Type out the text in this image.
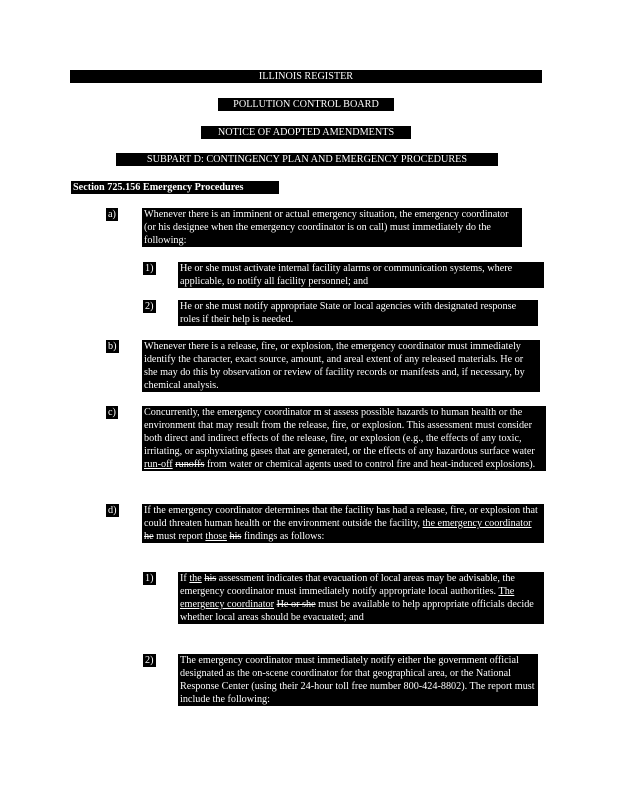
ILLINOIS REGISTER
POLLUTION CONTROL BOARD
NOTICE OF ADOPTED AMENDMENTS
SUBPART D: CONTINGENCY PLAN AND EMERGENCY PROCEDURES
Section 725.156 Emergency Procedures
a)	Whenever there is an imminent or actual emergency situation, the emergency coordinator (or his designee when the emergency coordinator is on call) must immediately do the following:
1)	He or she must activate internal facility alarms or communication systems, where applicable, to notify all facility personnel; and
2)	He or she must notify appropriate State or local agencies with designated response roles if their help is needed.
b)	Whenever there is a release, fire, or explosion, the emergency coordinator must immediately identify the character, exact source, amount, and areal extent of any released materials. He or she may do this by observation or review of facility records or manifests and, if necessary, by chemical analysis.
c)	Concurrently, the emergency coordinator m st assess possible hazards to human health or the environment that may result from the release, fire, or explosion. This assessment must consider both direct and indirect effects of the release, fire, or explosion (e.g., the effects of any toxic, irritating, or asphyxiating gases that are generated, or the effects of any hazardous surface water run-off runoffs from water or chemical agents used to control fire and heat-induced explosions).
d)	If the emergency coordinator determines that the facility has had a release, fire, or explosion that could threaten human health or the environment outside the facility, the emergency coordinator he must report those his findings as follows:
1)	If the his assessment indicates that evacuation of local areas may be advisable, the emergency coordinator must immediately notify appropriate local authorities. The emergency coordinator He or she must be available to help appropriate officials decide whether local areas should be evacuated; and
2)	The emergency coordinator must immediately notify either the government official designated as the on-scene coordinator for that geographical area, or the National Response Center (using their 24-hour toll free number 800-424-8802). The report must include the following:
